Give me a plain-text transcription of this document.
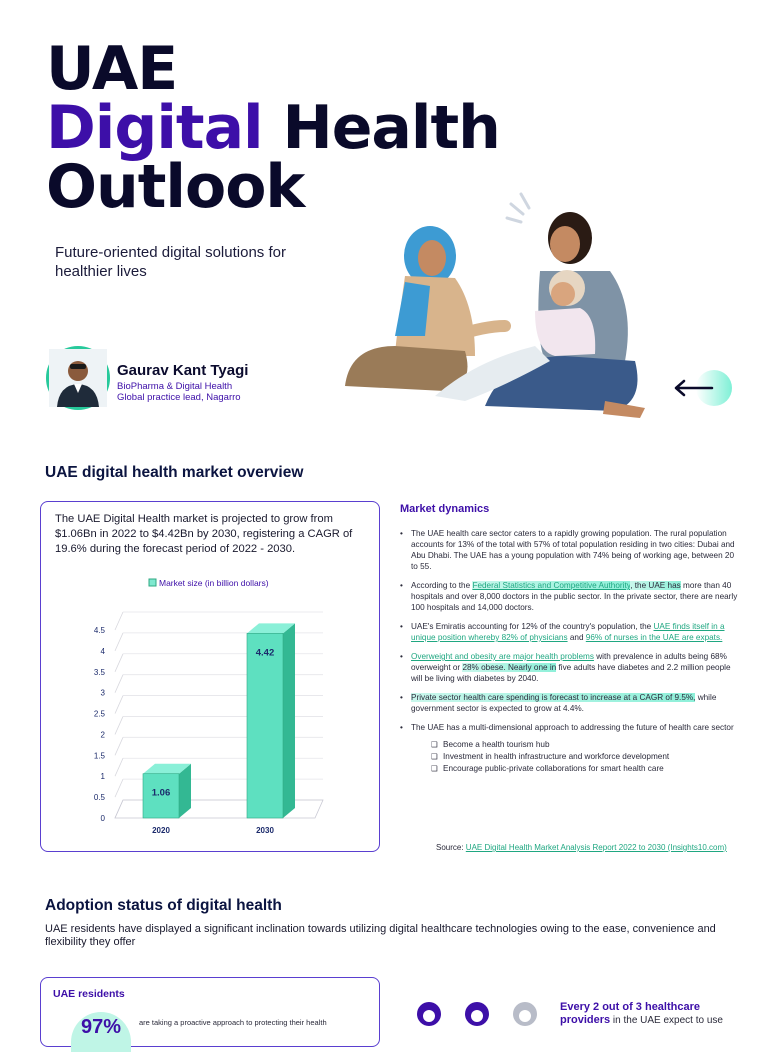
UAE
Digital Health
Outlook
Future-oriented digital solutions for healthier lives
Gaurav Kant Tyagi
BioPharma & Digital Health
Global practice lead, Nagarro
UAE digital health market overview
The UAE Digital Health market is projected to grow from $1.06Bn in 2022 to $4.42Bn by 2030, registering a CAGR of 19.6% during the forecast period of 2022 - 2030.
Market size (in billion dollars)
0
0.5
1
1.5
2
2.5
3
3.5
4
4.5
1.06
2020
4.42
2030
Market dynamics
• The UAE health care sector caters to a rapidly growing population. The rural population accounts for 13% of the total with 57% of total population residing in two cities: Dubai and Abu Dhabi. The UAE has a young population with 74% being of working age, between 20 to 55.
• According to the Federal Statistics and Competitive Authority, the UAE has more than 40 hospitals and over 8,000 doctors in the public sector. In the private sector, there are nearly 100 hospitals and 14,000 doctors.
• UAE's Emiratis accounting for 12% of the country's population, the UAE finds itself in a unique position whereby 82% of physicians and 96% of nurses in the UAE are expats.
• Overweight and obesity are major health problems with prevalence in adults being 68% overweight or 28% obese. Nearly one in five adults have diabetes and 2.2 million people will be living with diabetes by 2040.
• Private sector health care spending is forecast to increase at a CAGR of 9.5%, while government sector is expected to grow at 4.4%.
• The UAE has a multi-dimensional approach to addressing the future of health care sector
❑ Become a health tourism hub
❑ Investment in health infrastructure and workforce development
❑ Encourage public-private collaborations for smart health care
Source: UAE Digital Health Market Analysis Report 2022 to 2030 (Insights10.com)
Adoption status of digital health
UAE residents have displayed a significant inclination towards utilizing digital healthcare technologies owing to the ease, convenience and flexibility they offer
UAE residents
97%	are taking a proactive approach to protecting their health
Every 2 out of 3 healthcare providers in the UAE expect to use
